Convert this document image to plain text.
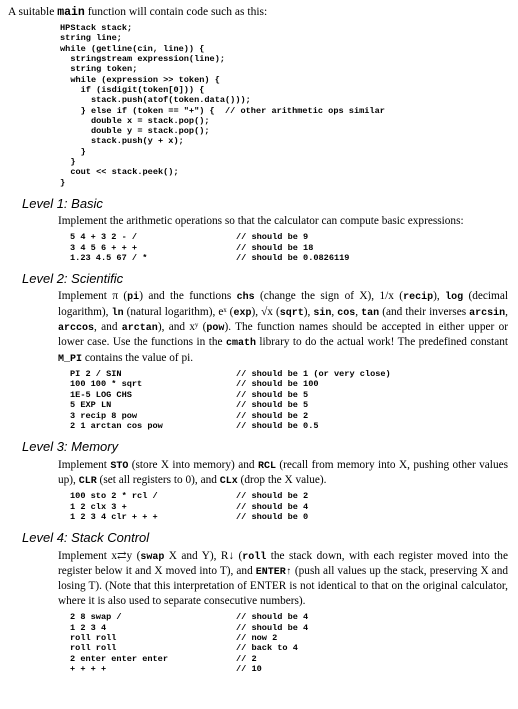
A suitable main function will contain code such as this:

HPStack stack;
string line;
while (getline(cin, line)) {
stringstream expression(line);
string token;
while (expression >> token) {
if (isdigit(token[0])) {
stack.push(atof(token.data()));
} else if (token == "+") {  // other arithmetic ops similar
double x = stack.pop();
double y = stack.pop();
stack.push(y + x);
}
}
cout << stack.peek();
}
Level 1: Basic

Implement the arithmetic operations so that the calculator can compute basic expressions:

5 4 + 3 2 - /	// should be 9
3 4 5 6 + + +	// should be 18
1.23 4.5 67 / *	// should be 0.0826119
Level 2: Scientific

Implement π (pi) and the functions chs (change the sign of X), 1/x (recip), log (decimal logarithm), ln (natural logarithm), eˣ (exp), √x (sqrt), sin, cos, tan (and their inverses arcsin, arccos, and arctan), and xʸ (pow). The function names should be accepted in either upper or lower case. Use the functions in the cmath library to do the actual work! The predefined constant M_PI contains the value of pi.

PI 2 / SIN	// should be 1 (or very close)
100 100 * sqrt	// should be 100
1E-5 LOG CHS	// should be 5
5 EXP LN	// should be 5
3 recip 8 pow	// should be 2
2 1 arctan cos pow	// should be 0.5
Level 3: Memory

Implement STO (store X into memory) and RCL (recall from memory into X, pushing other values up), CLR (set all registers to 0), and CLx (drop the X value).

100 sto 2 * rcl /	// should be 2
1 2 clx 3 +	// should be 4
1 2 3 4 clr + + +	// should be 0
Level 4: Stack Control

Implement x⇄y (swap X and Y), R↓ (roll the stack down, with each register moved into the register below it and X moved into T), and ENTER↑ (push all values up the stack, preserving X and losing T). (Note that this interpretation of ENTER is not identical to that on the original calculator, where it is also used to separate consecutive numbers).

2 8 swap /	// should be 4
1 2 3 4	// should be 4
roll roll	// now 2
roll roll	// back to 4
2 enter enter enter	// 2
+ + + +	// 10
